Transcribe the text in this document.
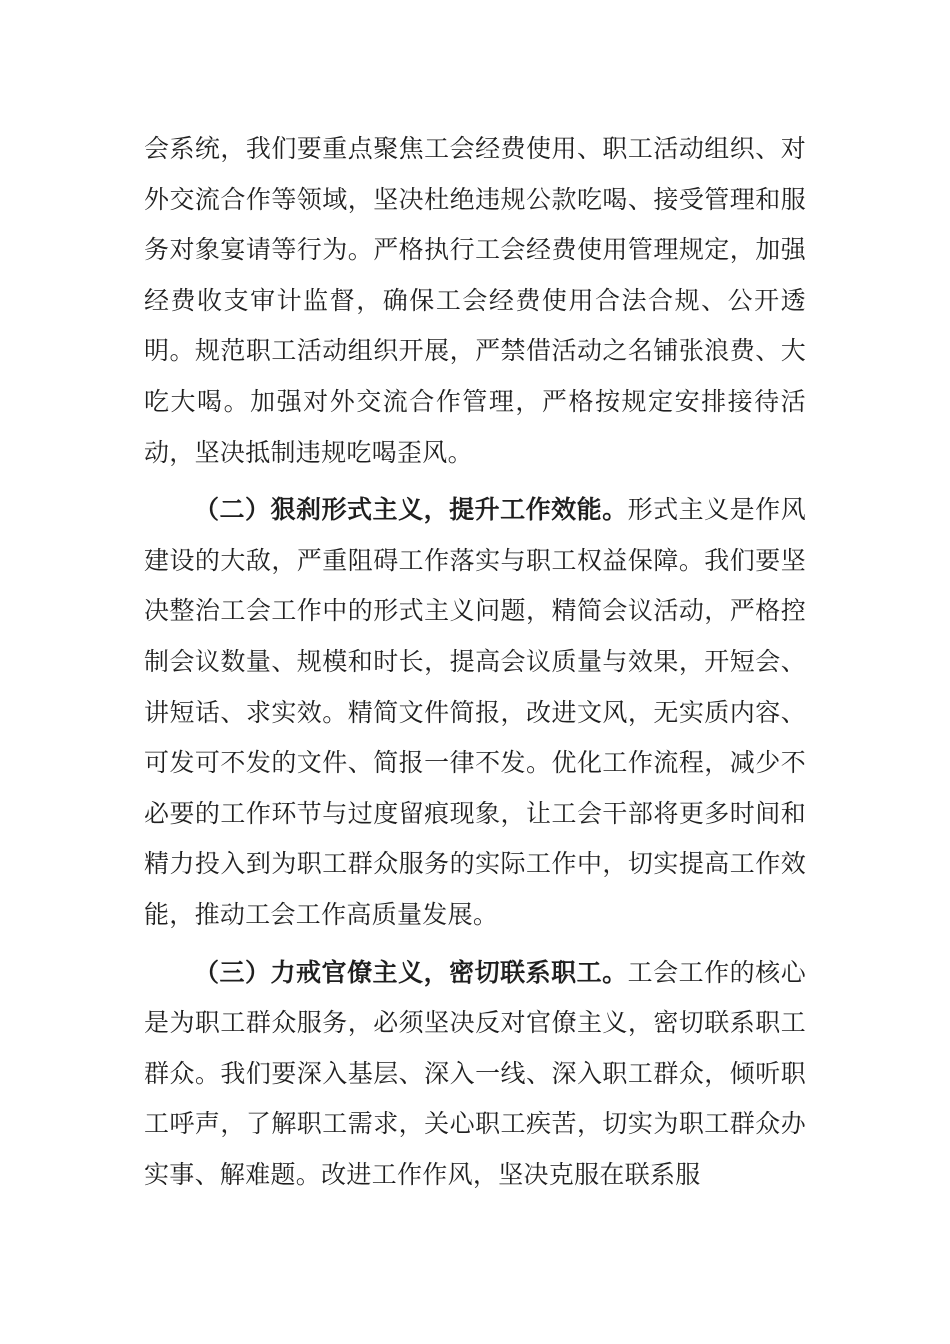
会系统，我们要重点聚焦工会经费使用、职工活动组织、对外交流合作等领域，坚决杜绝违规公款吃喝、接受管理和服务对象宴请等行为。严格执行工会经费使用管理规定，加强经费收支审计监督，确保工会经费使用合法合规、公开透明。规范职工活动组织开展，严禁借活动之名铺张浪费、大吃大喝。加强对外交流合作管理，严格按规定安排接待活动，坚决抵制违规吃喝歪风。

（二）狠刹形式主义，提升工作效能。形式主义是作风建设的大敌，严重阻碍工作落实与职工权益保障。我们要坚决整治工会工作中的形式主义问题，精简会议活动，严格控制会议数量、规模和时长，提高会议质量与效果，开短会、讲短话、求实效。精简文件简报，改进文风，无实质内容、可发可不发的文件、简报一律不发。优化工作流程，减少不必要的工作环节与过度留痕现象，让工会干部将更多时间和精力投入到为职工群众服务的实际工作中，切实提高工作效能，推动工会工作高质量发展。

（三）力戒官僚主义，密切联系职工。工会工作的核心是为职工群众服务，必须坚决反对官僚主义，密切联系职工群众。我们要深入基层、深入一线、深入职工群众，倾听职工呼声，了解职工需求，关心职工疾苦，切实为职工群众办实事、解难题。改进工作作风，坚决克服在联系服
